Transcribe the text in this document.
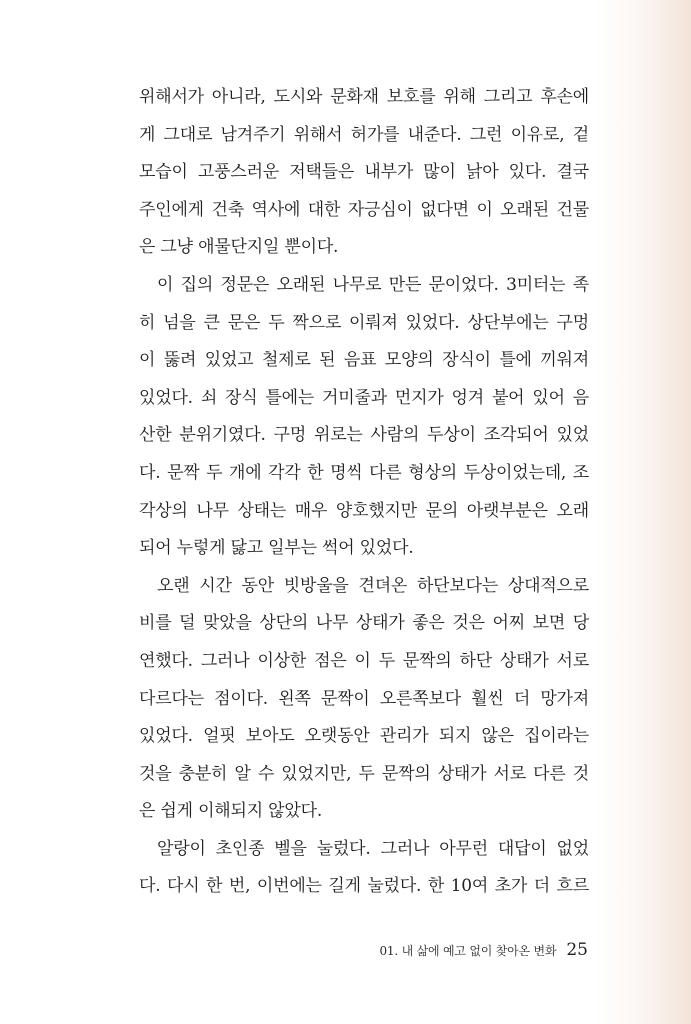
위해서가 아니라, 도시와 문화재 보호를 위해 그리고 후손에
게 그대로 남겨주기 위해서 허가를 내준다. 그런 이유로, 겉
모습이 고풍스러운 저택들은 내부가 많이 낡아 있다. 결국
주인에게 건축 역사에 대한 자긍심이 없다면 이 오래된 건물
은 그냥 애물단지일 뿐이다.
이 집의 정문은 오래된 나무로 만든 문이었다. 3미터는 족
히 넘을 큰 문은 두 짝으로 이뤄져 있었다. 상단부에는 구멍
이 뚫려 있었고 철제로 된 음표 모양의 장식이 틀에 끼워져
있었다. 쇠 장식 틀에는 거미줄과 먼지가 엉겨 붙어 있어 음
산한 분위기였다. 구멍 위로는 사람의 두상이 조각되어 있었
다. 문짝 두 개에 각각 한 명씩 다른 형상의 두상이었는데, 조
각상의 나무 상태는 매우 양호했지만 문의 아랫부분은 오래
되어 누렇게 닳고 일부는 썩어 있었다.
오랜 시간 동안 빗방울을 견뎌온 하단보다는 상대적으로
비를 덜 맞았을 상단의 나무 상태가 좋은 것은 어찌 보면 당
연했다. 그러나 이상한 점은 이 두 문짝의 하단 상태가 서로
다르다는 점이다. 왼쪽 문짝이 오른쪽보다 훨씬 더 망가져
있었다. 얼핏 보아도 오랫동안 관리가 되지 않은 집이라는
것을 충분히 알 수 있었지만, 두 문짝의 상태가 서로 다른 것
은 쉽게 이해되지 않았다.
알랑이 초인종 벨을 눌렀다. 그러나 아무런 대답이 없었
다. 다시 한 번, 이번에는 길게 눌렀다. 한 10여 초가 더 흐르
01. 내 삶에 예고 없이 찾아온 변화 25
